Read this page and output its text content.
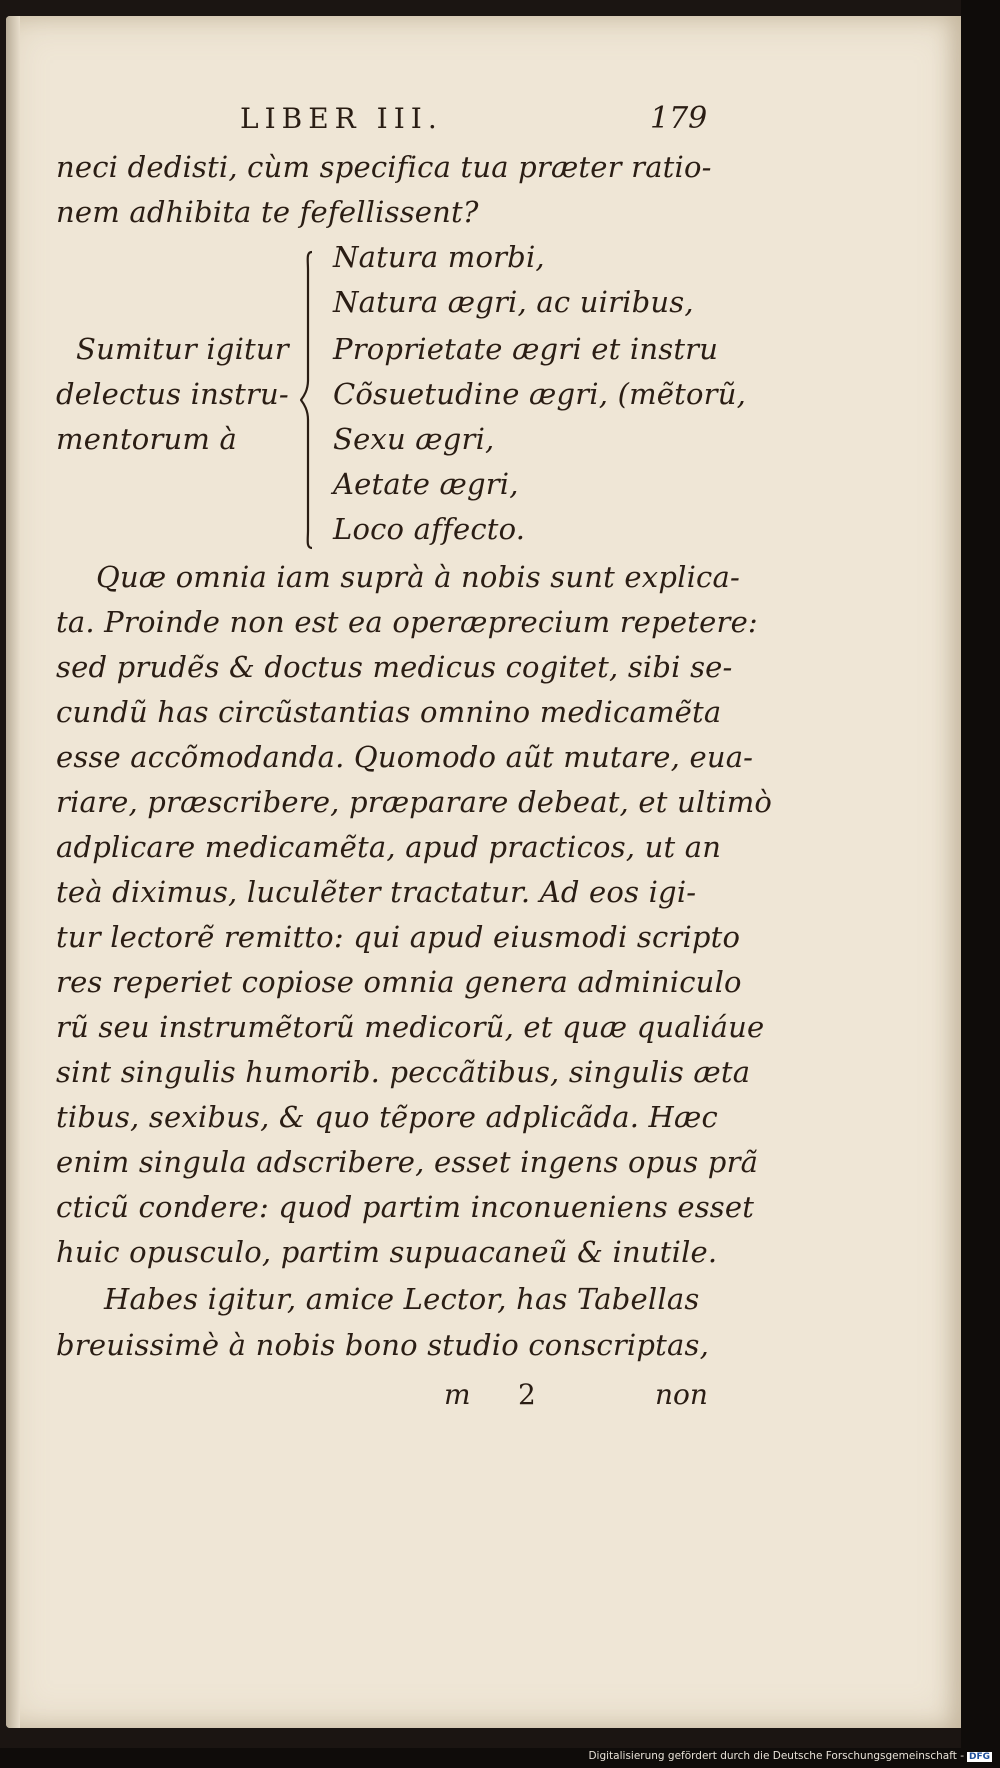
LIBER III.	179
neci dedisti, cùm specifica tua præter ratio-
nem adhibita te fefellissent?
Sumitur igitur
delectus instru-
mentorum à
Natura morbi,
Natura ægri, ac uiribus,
Proprietate ægri et instru
Cõsuetudine ægri, (mẽtorũ,
Sexu ægri,
Aetate ægri,
Loco affecto.
Quæ omnia iam suprà à nobis sunt explica-
ta. Proinde non est ea operæprecium repetere:
sed prudẽs & doctus medicus cogitet, sibi se-
cundũ has circũstantias omnino medicamẽta
esse accõmodanda. Quomodo aũt mutare, eua-
riare, præscribere, præparare debeat, et ultimò
adplicare medicamẽta, apud practicos, ut an
teà diximus, luculẽter tractatur. Ad eos igi-
tur lectorẽ remitto: qui apud eiusmodi scripto
res reperiet copiose omnia genera adminiculo
rũ seu instrumẽtorũ medicorũ, et quæ qualiáue
sint singulis humorib. peccãtibus, singulis æta
tibus, sexibus, & quo tẽpore adplicãda. Hæc
enim singula adscribere, esset ingens opus prã
cticũ condere: quod partim inconueniens esset
huic opusculo, partim supuacaneũ & inutile.
Habes igitur, amice Lector, has Tabellas
breuissimè à nobis bono studio conscriptas,
m 2	non
Digitalisierung gefördert durch die Deutsche Forschungsgemeinschaft - DFG
